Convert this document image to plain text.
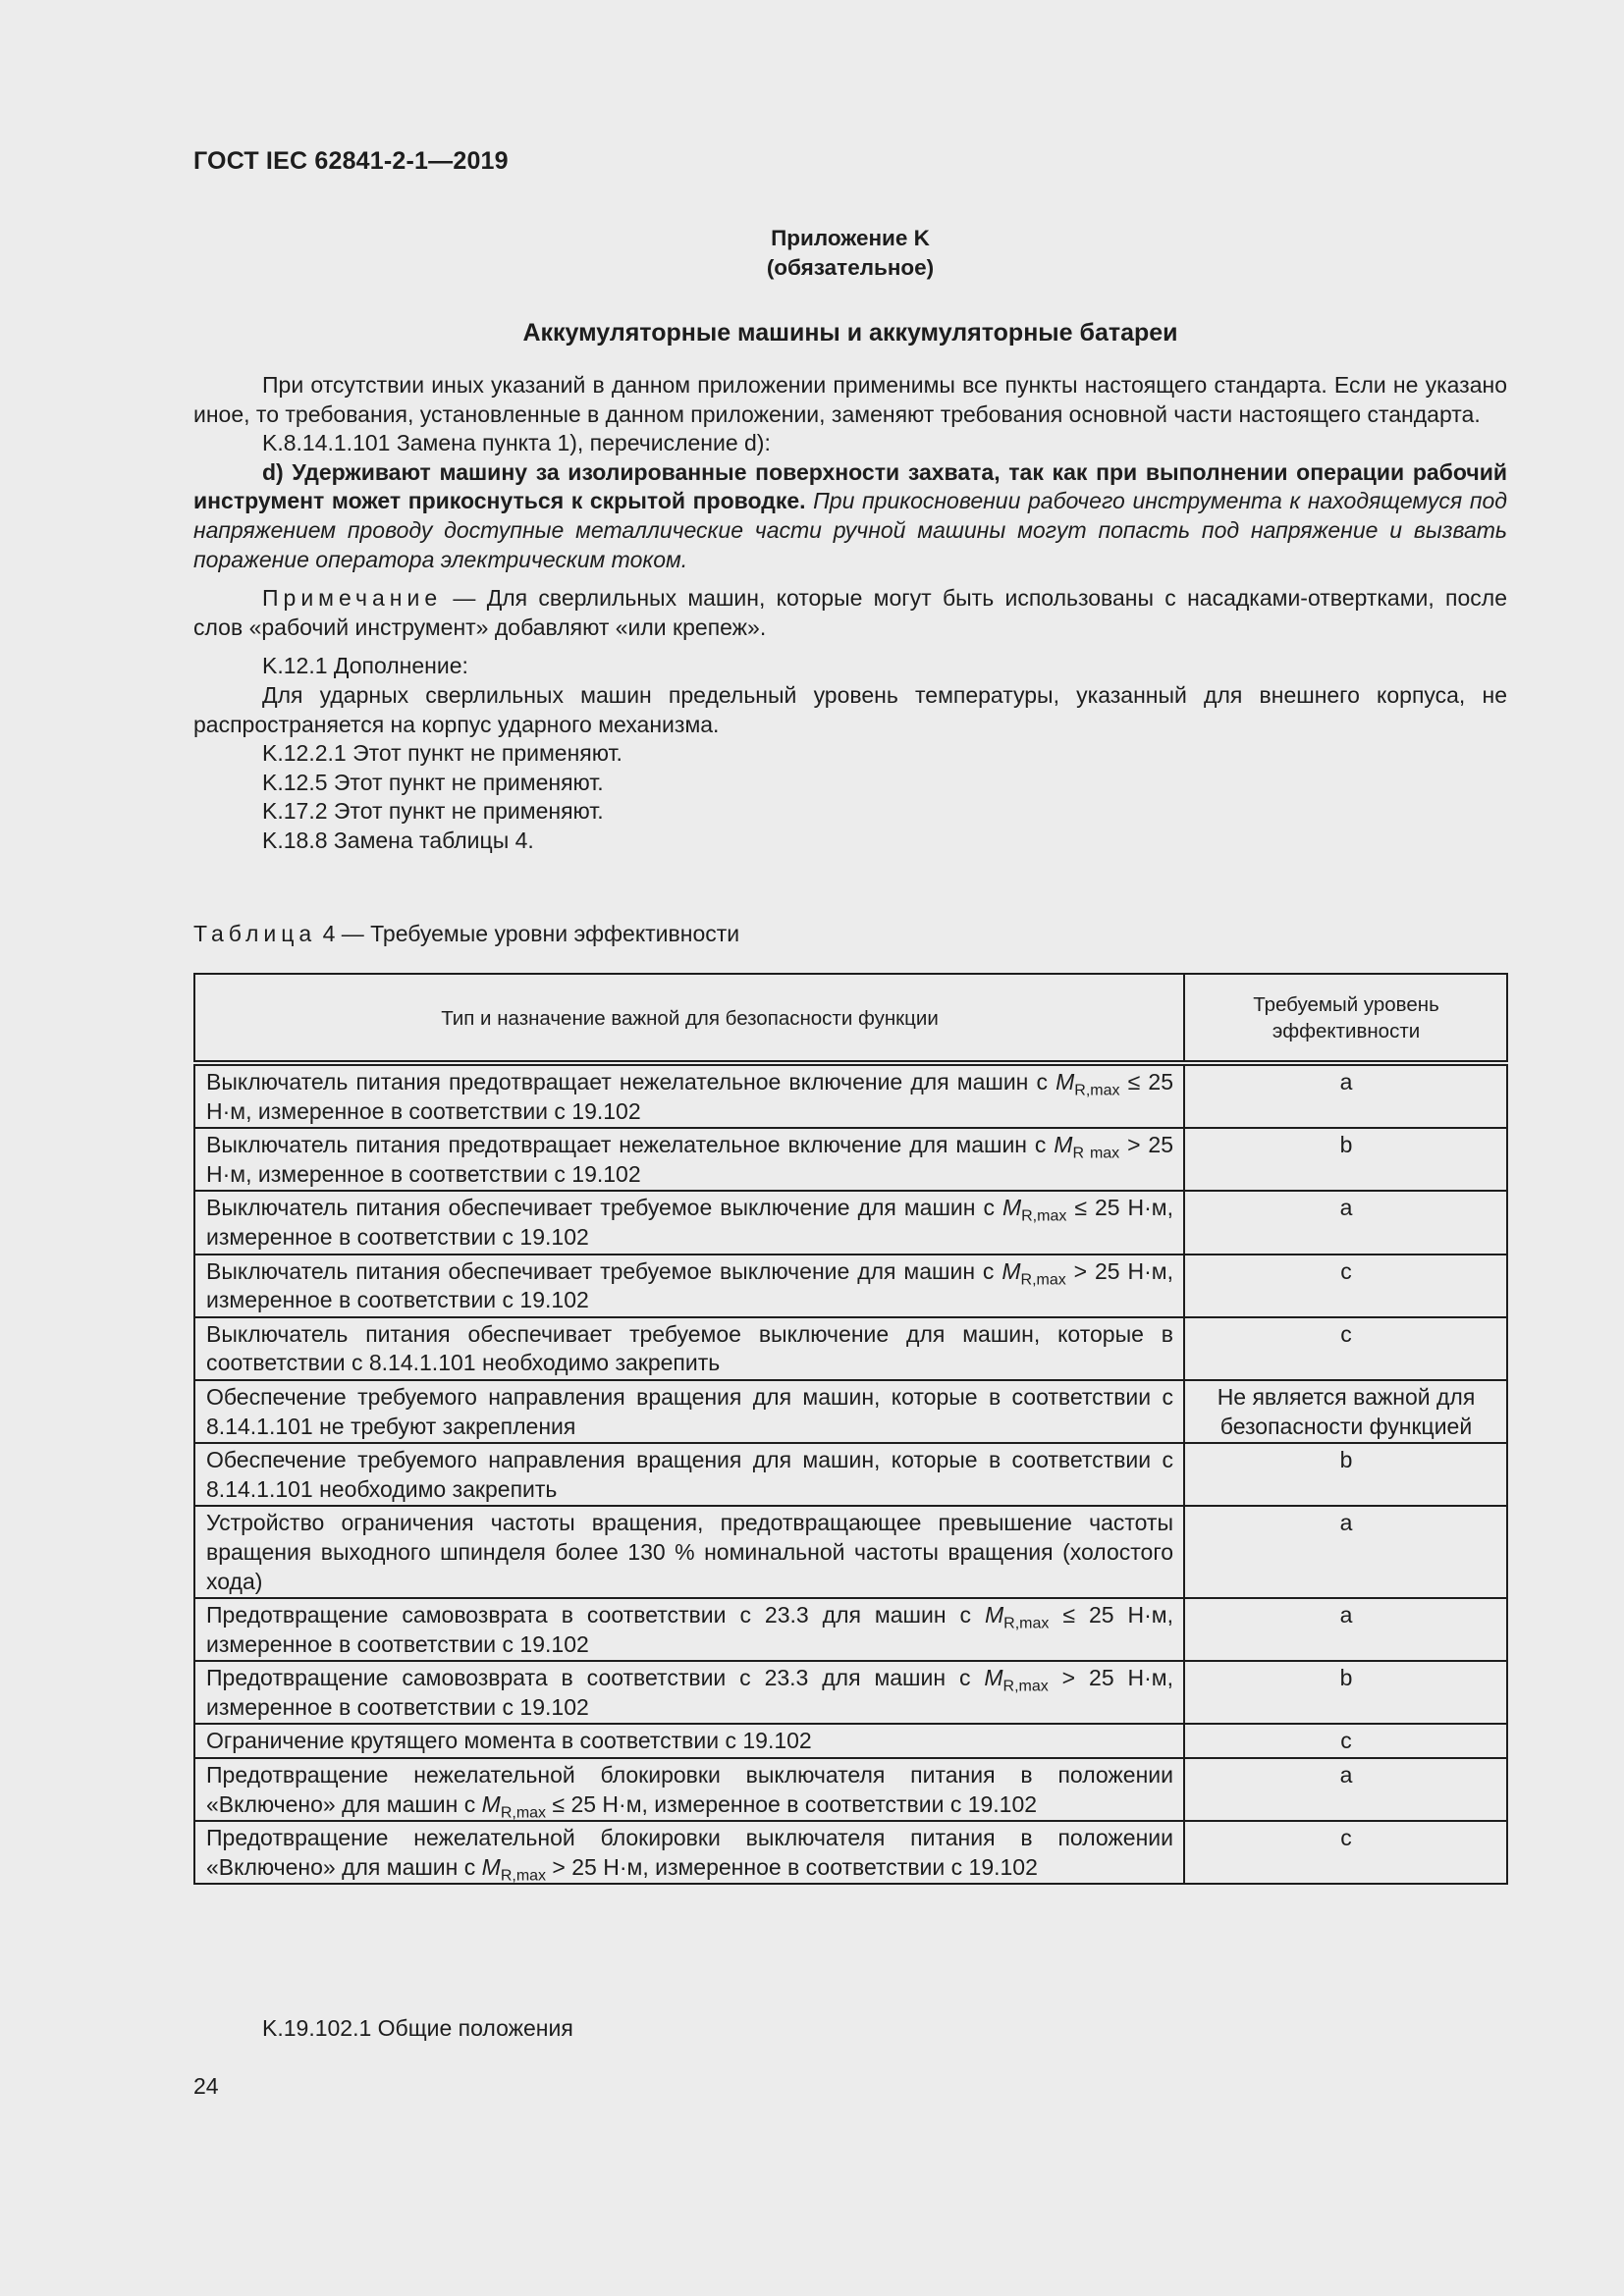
ГОСТ IEC 62841-2-1—2019
Приложение K
(обязательное)
Аккумуляторные машины и аккумуляторные батареи

При отсутствии иных указаний в данном приложении применимы все пункты настоящего стандарта. Если не указано иное, то требования, установленные в данном приложении, заменяют требования основной части настоящего стандарта.

K.8.14.1.101 Замена пункта 1), перечисление d):

d) Удерживают машину за изолированные поверхности захвата, так как при выполнении операции рабочий инструмент может прикоснуться к скрытой проводке. При прикосновении рабочего инструмента к находящемуся под напряжением проводу доступные металлические части ручной машины могут попасть под напряжение и вызвать поражение оператора электрическим током.

Примечание — Для сверлильных машин, которые могут быть использованы с насадками-отвертками, после слов «рабочий инструмент» добавляют «или крепеж».

K.12.1 Дополнение:

Для ударных сверлильных машин предельный уровень температуры, указанный для внешнего корпуса, не распространяется на корпус ударного механизма.

K.12.2.1 Этот пункт не применяют.

K.12.5 Этот пункт не применяют.

K.17.2 Этот пункт не применяют.

K.18.8 Замена таблицы 4.

Таблица 4 — Требуемые уровни эффективности
Тип и назначение важной для безопасности функции	Требуемый уровень эффективности
Выключатель питания предотвращает нежелательное включение для машин с $M_{R,max} \le 25$ Н·м, измеренное в соответствии с 19.102	a
Выключатель питания предотвращает нежелательное включение для машин с $M_{R max} > 25$ Н·м, измеренное в соответствии с 19.102	b
Выключатель питания обеспечивает требуемое выключение для машин с $M_{R,max} \le 25$ Н·м, измеренное в соответствии с 19.102	a
Выключатель питания обеспечивает требуемое выключение для машин с $M_{R,max} > 25$ Н·м, измеренное в соответствии с 19.102	c
Выключатель питания обеспечивает требуемое выключение для машин, которые в соответствии с 8.14.1.101 необходимо закрепить	c
Обеспечение требуемого направления вращения для машин, которые в соответствии с 8.14.1.101 не требуют закрепления	Не является важной для безопасности функцией
Обеспечение требуемого направления вращения для машин, которые в соответствии с 8.14.1.101 необходимо закрепить	b
Устройство ограничения частоты вращения, предотвращающее превышение частоты вращения выходного шпинделя более 130 % номинальной частоты вращения (холостого хода)	a
Предотвращение самовозврата в соответствии с 23.3 для машин с $M_{R,max} \le 25$ Н·м, измеренное в соответствии с 19.102	a
Предотвращение самовозврата в соответствии с 23.3 для машин с $M_{R,max} > 25$ Н·м, измеренное в соответствии с 19.102	b
Ограничение крутящего момента в соответствии с 19.102	c
Предотвращение нежелательной блокировки выключателя питания в положении «Включено» для машин с $M_{R,max} \le 25$ Н·м, измеренное в соответствии с 19.102	a
Предотвращение нежелательной блокировки выключателя питания в положении «Включено» для машин с $M_{R,max} > 25$ Н·м, измеренное в соответствии с 19.102	c
K.19.102.1 Общие положения
24
